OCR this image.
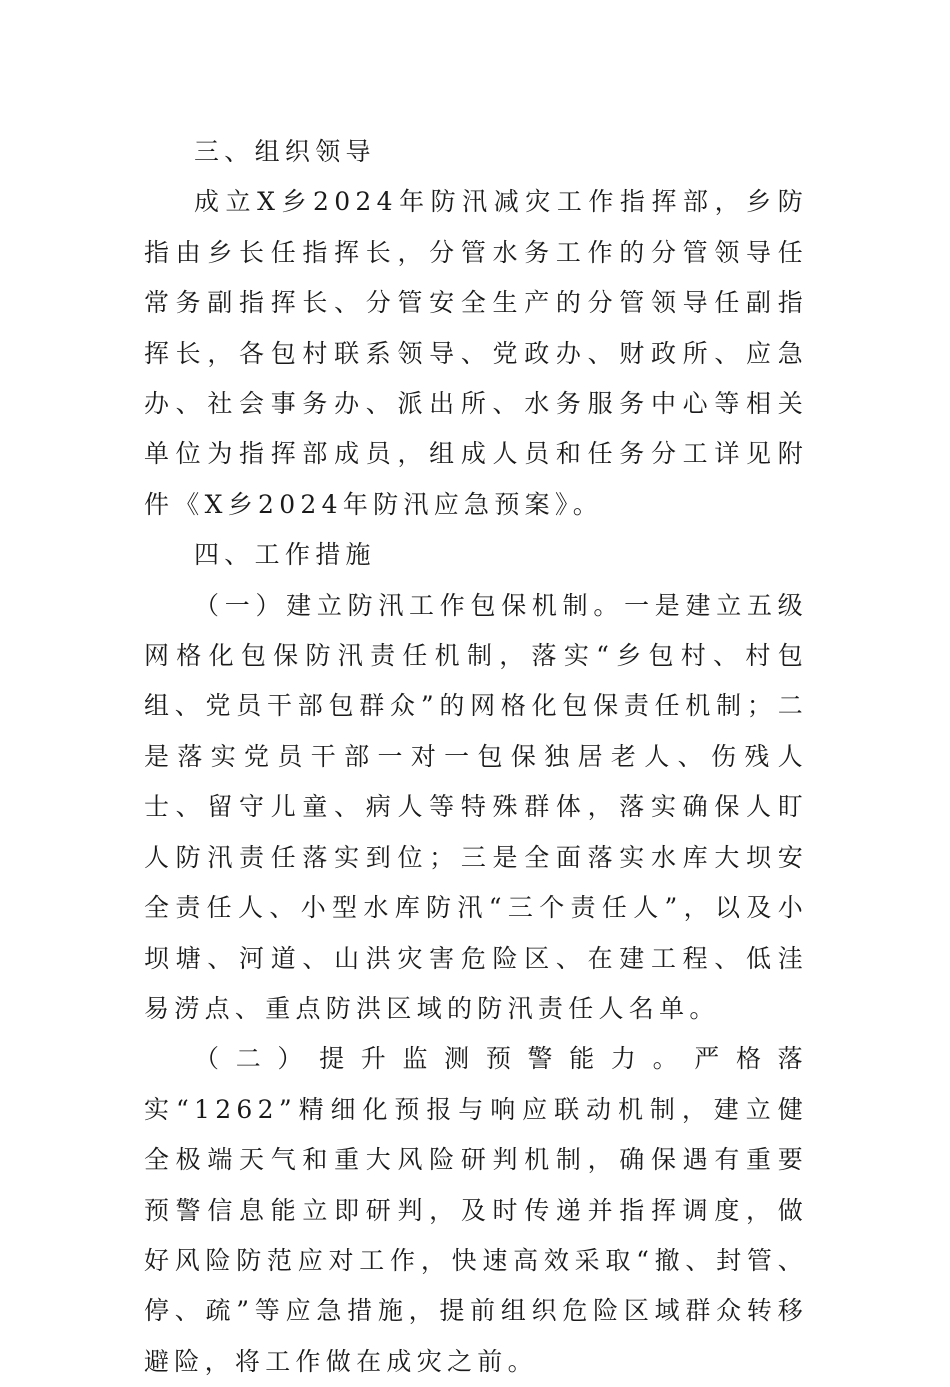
三、组织领导

成立X乡2024年防汛减灾工作指挥部，乡防指由乡长任指挥长，分管水务工作的分管领导任常务副指挥长、分管安全生产的分管领导任副指挥长，各包村联系领导、党政办、财政所、应急办、社会事务办、派出所、水务服务中心等相关单位为指挥部成员，组成人员和任务分工详见附件《X乡2024年防汛应急预案》。

四、工作措施

（一）建立防汛工作包保机制。一是建立五级网格化包保防汛责任机制，落实“乡包村、村包组、党员干部包群众”的网格化包保责任机制；二是落实党员干部一对一包保独居老人、伤残人士、留守儿童、病人等特殊群体，落实确保人盯人防汛责任落实到位；三是全面落实水库大坝安全责任人、小型水库防汛“三个责任人”，以及小坝塘、河道、山洪灾害危险区、在建工程、低洼易涝点、重点防洪区域的防汛责任人名单。

（二）提升监测预警能力。严格落实“1262”精细化预报与响应联动机制，建立健全极端天气和重大风险研判机制，确保遇有重要预警信息能立即研判，及时传递并指挥调度，做好风险防范应对工作，快速高效采取“撤、封管、停、疏”等应急措施，提前组织危险区域群众转移避险，将工作做在成灾之前。
